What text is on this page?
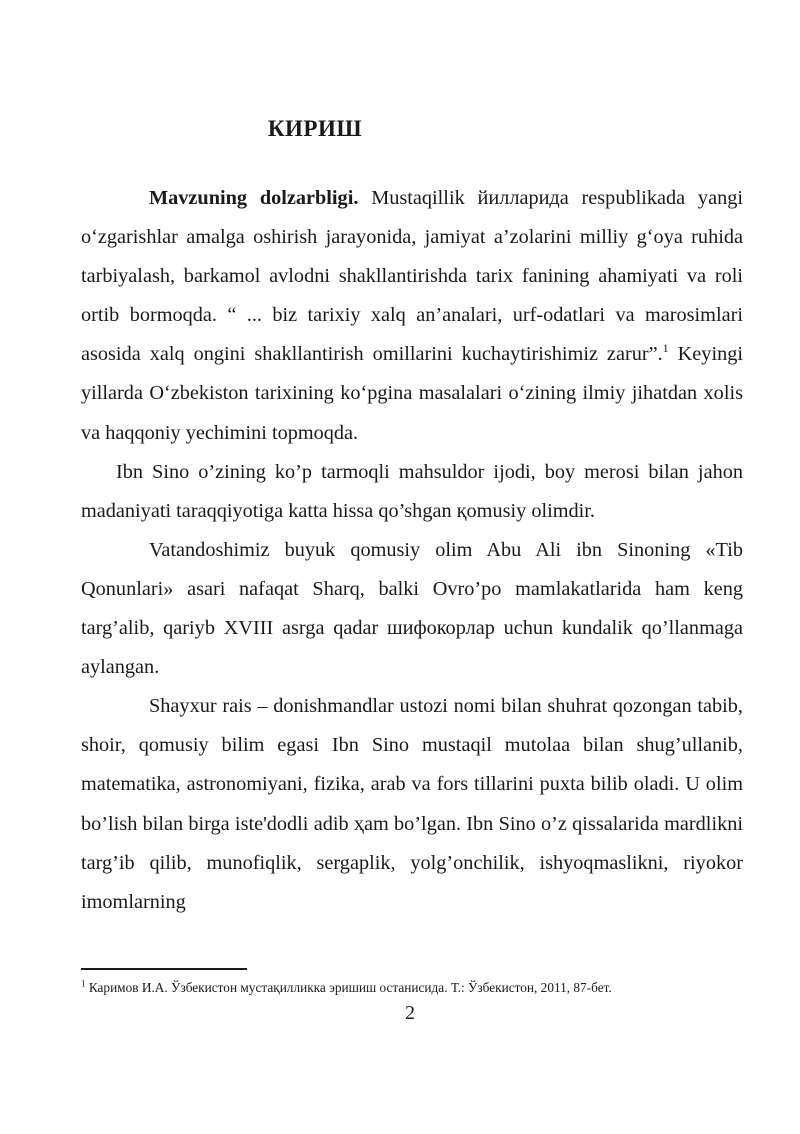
КИРИШ

Mavzuning dolzarbligi. Mustaqillik йилларида respublikada yangi o‘zgarishlar amalga oshirish jarayonida, jamiyat a’zolarini milliy g‘oya ruhida tarbiyalash, barkamol avlodni shakllantirishda tarix fanining ahamiyati va roli ortib bormoqda. “ ... biz tarixiy xalq an’analari, urf-odatlari va marosimlari asosida xalq ongini shakllantirish omillarini kuchaytirishimiz zarur”.$^1$ Keyingi yillarda O‘zbekiston tarixining ko‘pgina masalalari o‘zining ilmiy jihatdan xolis va haqqoniy yechimini topmoqda.

Ibn Sino o’zining ko’p tarmoqli mahsuldor ijodi, boy merosi bilan jahon madaniyati taraqqiyotiga katta hissa qo’shgan қomusiy olimdir.

Vatandoshimiz buyuk qomusiy olim Abu Ali ibn Sinoning «Tib Qonunlari» asari nafaqat Sharq, balki Ovro’po mamlakatlarida ham keng targ’alib, qariyb XVIII asrga qadar шифокорлар uchun kundalik qo’llanmaga aylangan.

Shayxur rais – donishmandlar ustozi nomi bilan shuhrat qozongan tabib, shoir, qomusiy bilim egasi Ibn Sino mustaqil mutolaa bilan shug’ullanib, matematika, astronomiyani, fizika, arab va fors tillarini puxta bilib oladi. U olim bo’lish bilan birga iste'dodli adib ҳam bo’lgan. Ibn Sino o’z qissalarida mardlikni targ’ib qilib, munofiqlik, sergaplik, yolg’onchilik, ishyoqmaslikni, riyokor imomlarning

$^1$ Каримов И.А. Ўзбекистон мустақилликка эришиш останисида. Т.: Ўзбекистон, 2011, 87-бет.
2
